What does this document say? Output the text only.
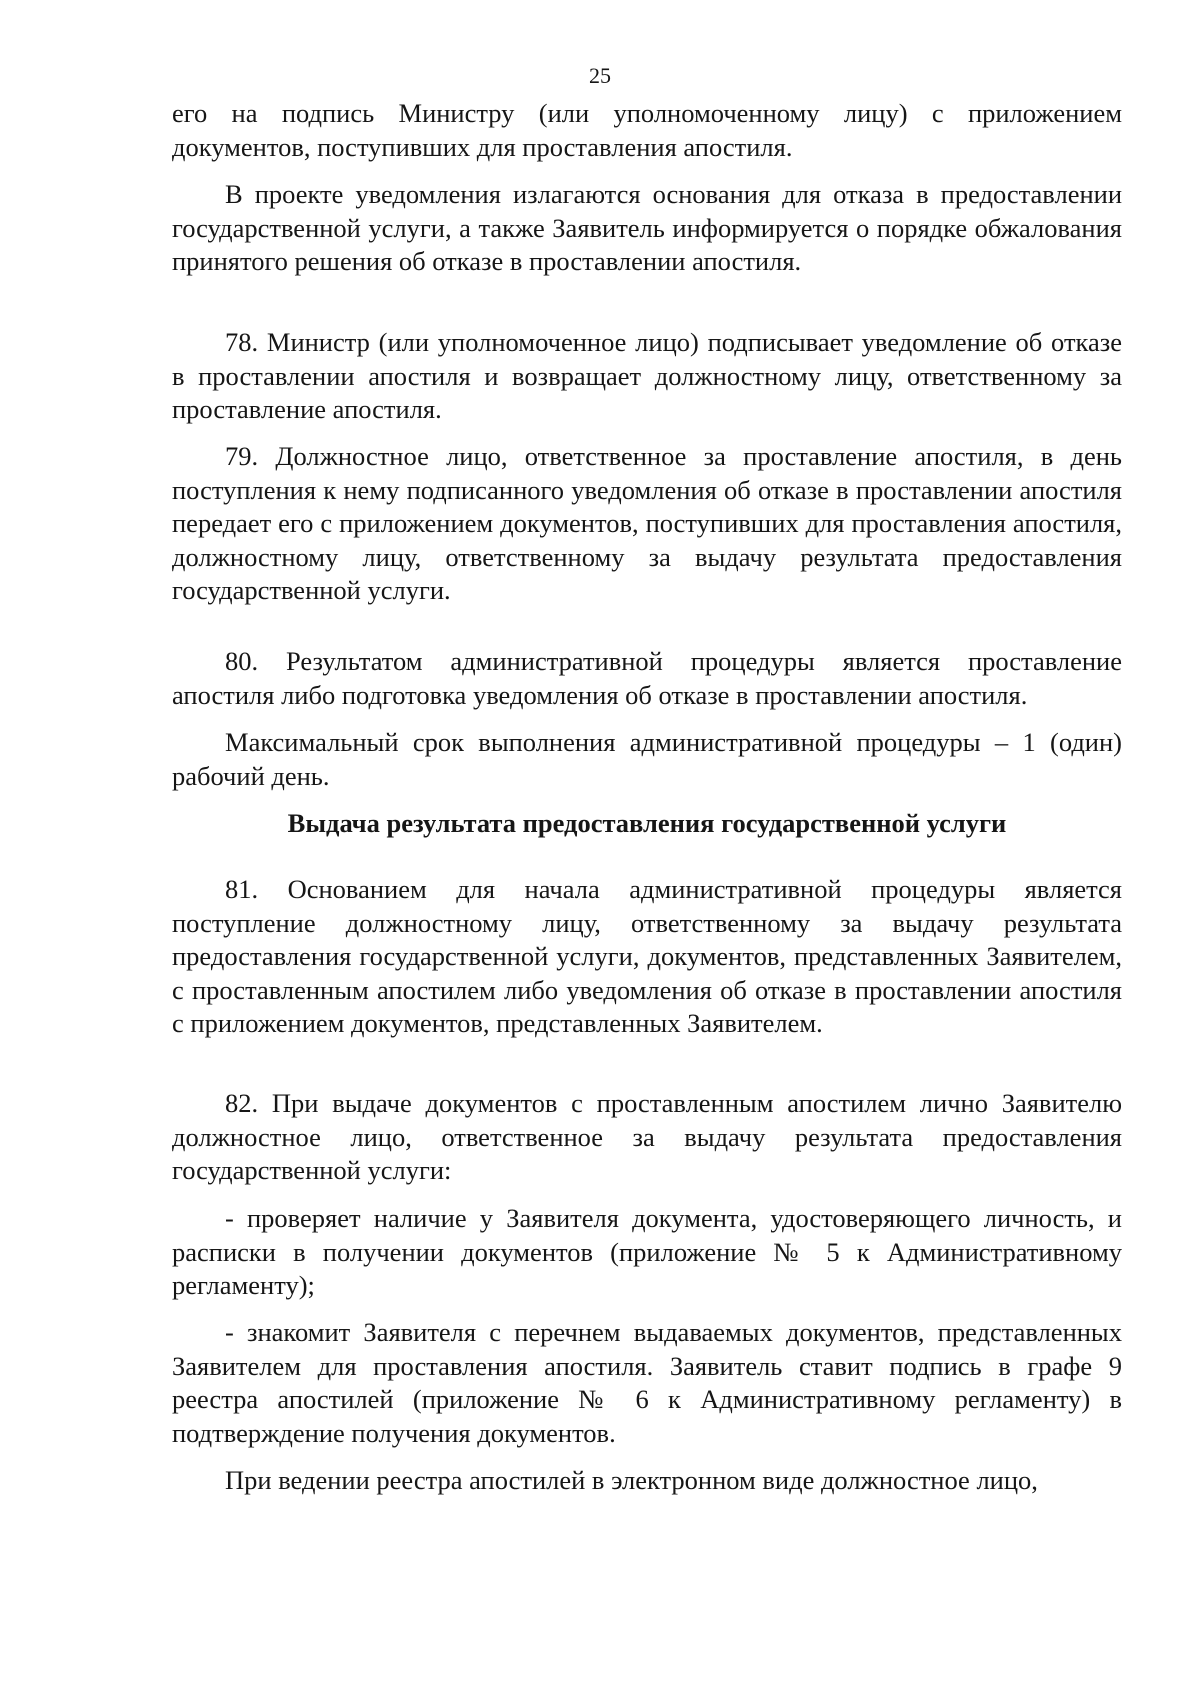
25

его на подпись Министру (или уполномоченному лицу) с приложением документов, поступивших для проставления апостиля.

В проекте уведомления излагаются основания для отказа в предоставлении государственной услуги, а также Заявитель информируется о порядке обжалования принятого решения об отказе в проставлении апостиля.

78. Министр (или уполномоченное лицо) подписывает уведомление об отказе в проставлении апостиля и возвращает должностному лицу, ответственному за проставление апостиля.

79. Должностное лицо, ответственное за проставление апостиля, в день поступления к нему подписанного уведомления об отказе в проставлении апостиля передает его с приложением документов, поступивших для проставления апостиля, должностному лицу, ответственному за выдачу результата предоставления государственной услуги.

80. Результатом административной процедуры является проставление апостиля либо подготовка уведомления об отказе в проставлении апостиля.

Максимальный срок выполнения административной процедуры – 1 (один) рабочий день.

Выдача результата предоставления государственной услуги

81. Основанием для начала административной процедуры является поступление должностному лицу, ответственному за выдачу результата предоставления государственной услуги, документов, представленных Заявителем, с проставленным апостилем либо уведомления об отказе в проставлении апостиля с приложением документов, представленных Заявителем.

82. При выдаче документов с проставленным апостилем лично Заявителю должностное лицо, ответственное за выдачу результата предоставления государственной услуги:

- проверяет наличие у Заявителя документа, удостоверяющего личность, и расписки в получении документов (приложение № 5 к Административному регламенту);

- знакомит Заявителя с перечнем выдаваемых документов, представленных Заявителем для проставления апостиля. Заявитель ставит подпись в графе 9 реестра апостилей (приложение № 6 к Административному регламенту) в подтверждение получения документов.

При ведении реестра апостилей в электронном виде должностное лицо,
